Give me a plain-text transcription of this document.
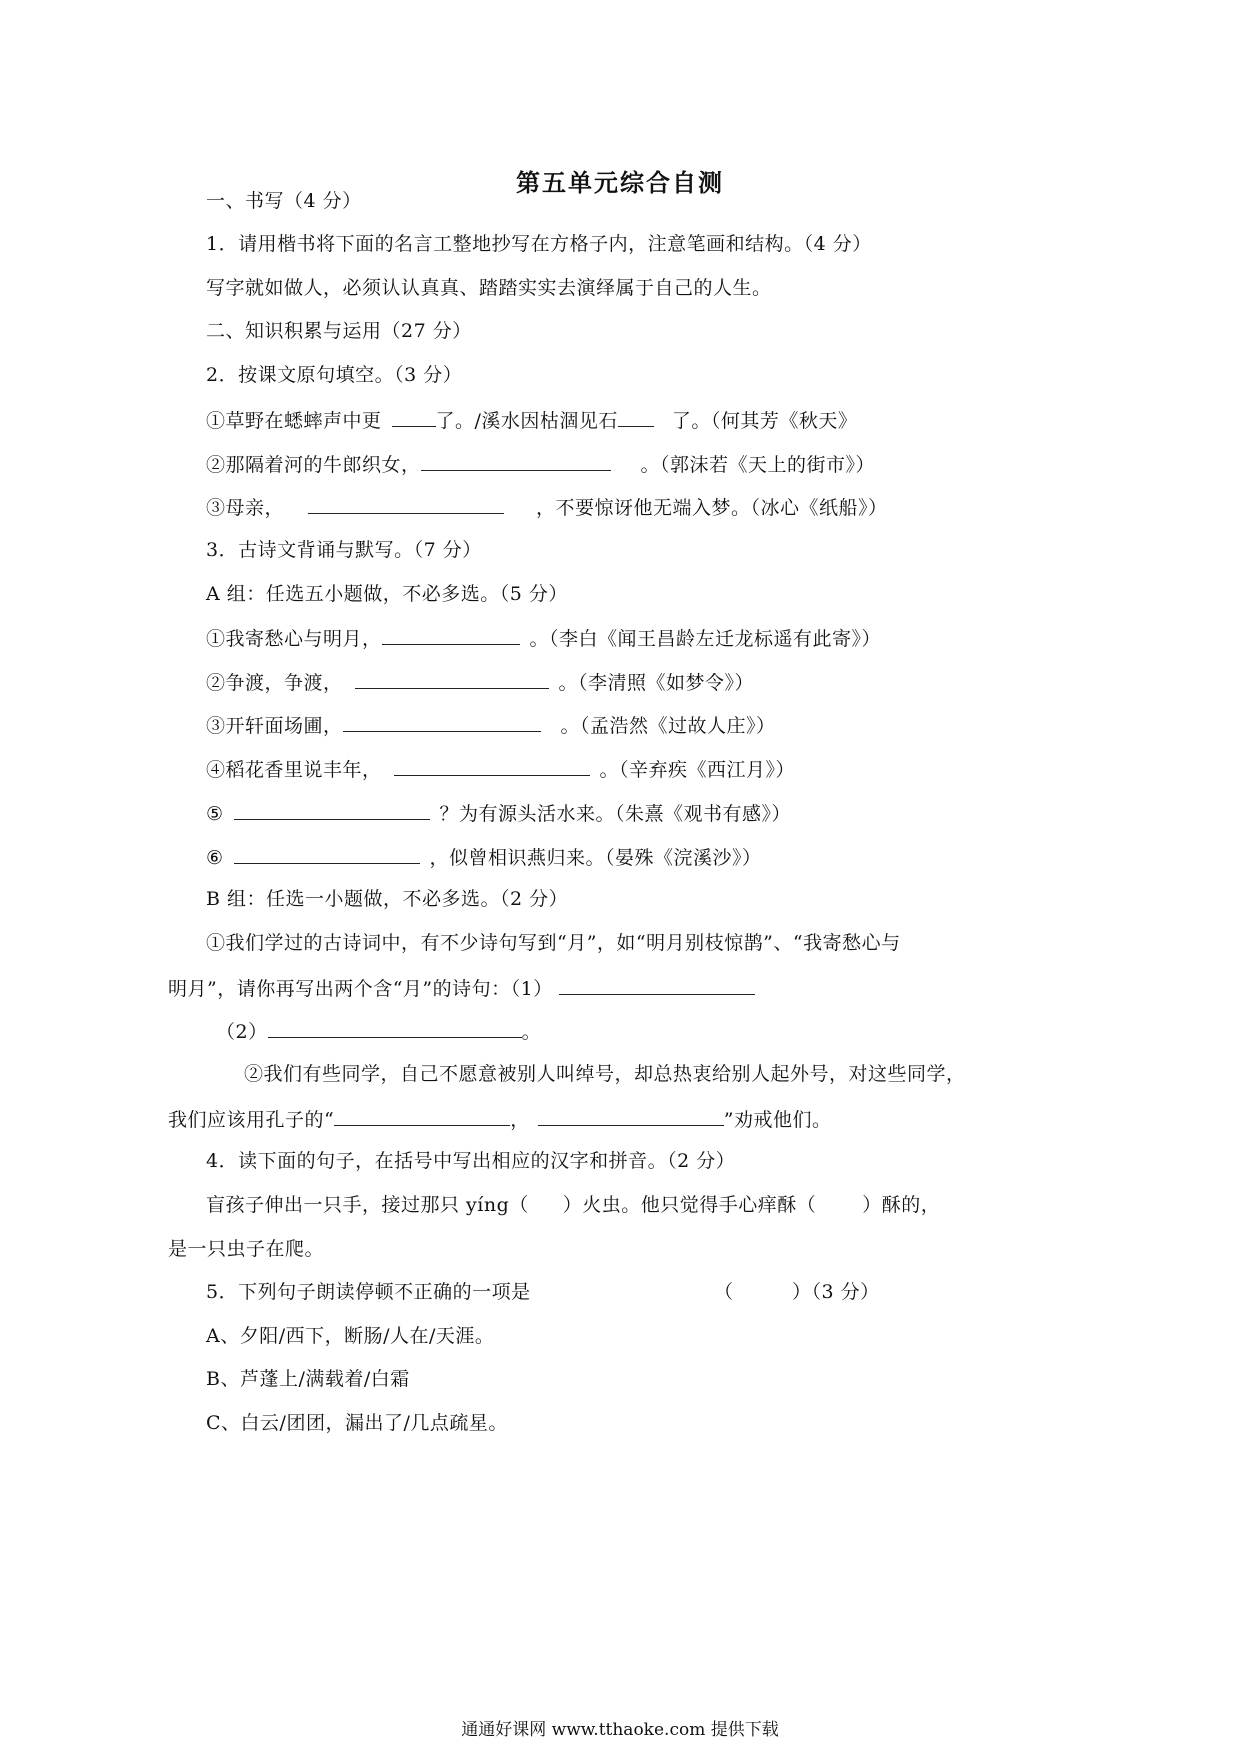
第五单元综合自测
一、书写（4 分）
1．请用楷书将下面的名言工整地抄写在方格子内，注意笔画和结构。（4 分）
写字就如做人，必须认认真真、踏踏实实去演绎属于自己的人生。
二、知识积累与运用（27 分）
2．按课文原句填空。（3 分）
①草野在蟋蟀声中更	了。/溪水因枯涸见石	了。（何其芳《秋天》
②那隔着河的牛郎织女，	。（郭沫若《天上的街市》）
③母亲，	，不要惊讶他无端入梦。（冰心《纸船》）
3．古诗文背诵与默写。（7 分）
A 组：任选五小题做，不必多选。（5 分）
①我寄愁心与明月，	。（李白《闻王昌龄左迁龙标遥有此寄》）
②争渡，争渡，	。（李清照《如梦令》）
③开轩面场圃，	。（孟浩然《过故人庄》）
④稻花香里说丰年，	。（辛弃疾《西江月》）
⑤	？为有源头活水来。（朱熹《观书有感》）
⑥	，似曾相识燕归来。（晏殊《浣溪沙》）
B 组：任选一小题做，不必多选。（2 分）
①我们学过的古诗词中，有不少诗句写到“月”，如“明月别枝惊鹊”、“我寄愁心与
明月”，请你再写出两个含“月”的诗句：（1）
（2）	。
②我们有些同学，自己不愿意被别人叫绰号，却总热衷给别人起外号，对这些同学，
我们应该用孔子的“	，	”劝戒他们。
4．读下面的句子，在括号中写出相应的汉字和拼音。（2 分）
盲孩子伸出一只手，接过那只 yíng（ ）火虫。他只觉得手心痒酥（ ）酥的，
是一只虫子在爬。
5．下列句子朗读停顿不正确的一项是	（　　　）（3 分）
A、夕阳/西下，断肠/人在/天涯。
B、芦蓬上/满载着/白霜
C、白云/团团，漏出了/几点疏星。
通通好课网 www.tthaoke.com 提供下载
